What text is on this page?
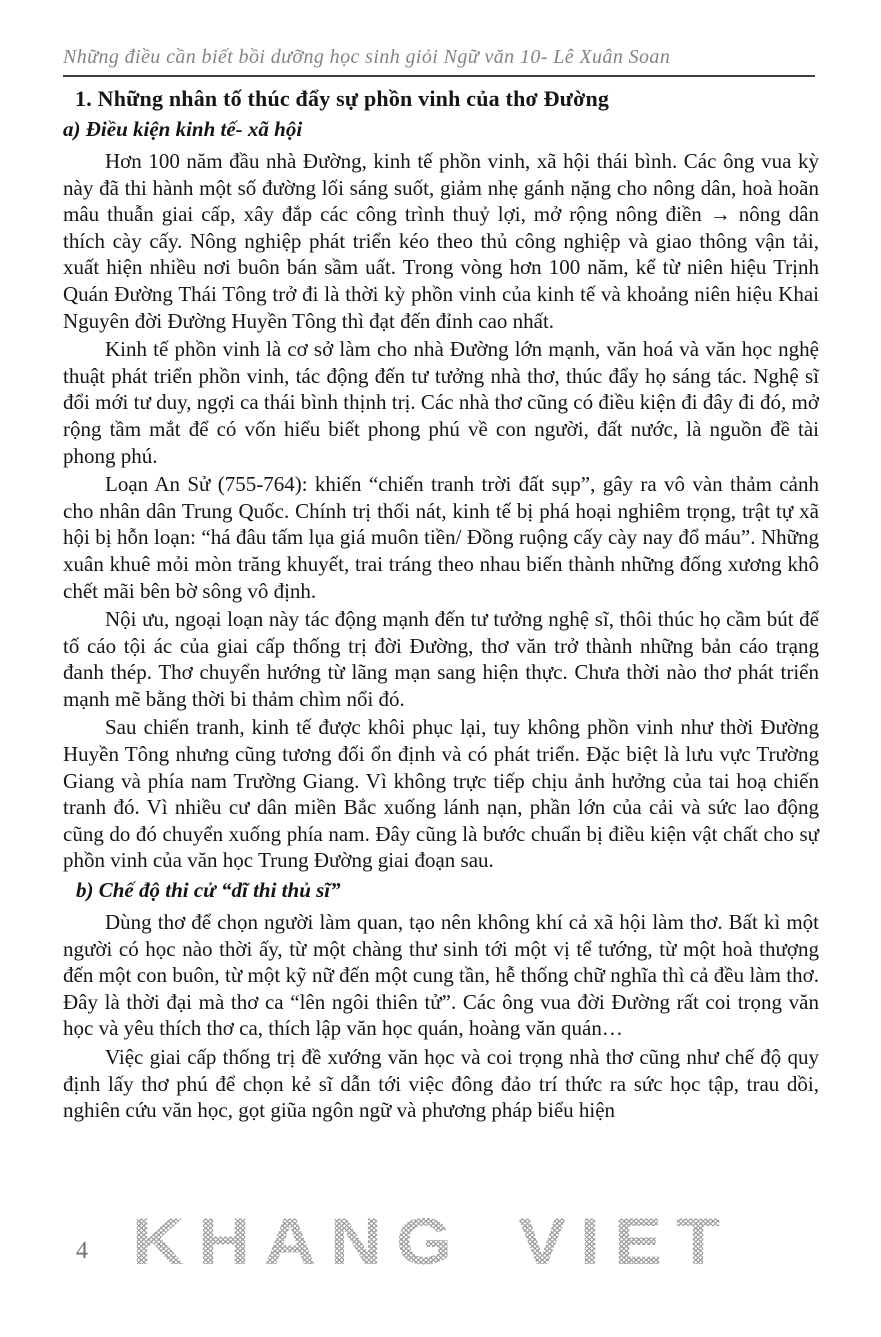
Những điều cần biết bồi dưỡng học sinh giỏi Ngữ văn 10- Lê Xuân Soan
1. Những nhân tố thúc đẩy sự phồn vinh của thơ Đường
a) Điều kiện kinh tế- xã hội

Hơn 100 năm đầu nhà Đường, kinh tế phồn vinh, xã hội thái bình. Các ông vua kỳ này đã thi hành một số đường lối sáng suốt, giảm nhẹ gánh nặng cho nông dân, hoà hoãn mâu thuẫn giai cấp, xây đắp các công trình thuỷ lợi, mở rộng nông điền → nông dân thích cày cấy. Nông nghiệp phát triển kéo theo thủ công nghiệp và giao thông vận tải, xuất hiện nhiều nơi buôn bán sầm uất. Trong vòng hơn 100 năm, kể từ niên hiệu Trịnh Quán Đường Thái Tông trở đi là thời kỳ phồn vinh của kinh tế và khoảng niên hiệu Khai Nguyên đời Đường Huyền Tông thì đạt đến đỉnh cao nhất.

Kinh tế phồn vinh là cơ sở làm cho nhà Đường lớn mạnh, văn hoá và văn học nghệ thuật phát triển phồn vinh, tác động đến tư tưởng nhà thơ, thúc đẩy họ sáng tác. Nghệ sĩ đổi mới tư duy, ngợi ca thái bình thịnh trị. Các nhà thơ cũng có điều kiện đi đây đi đó, mở rộng tầm mắt để có vốn hiểu biết phong phú về con người, đất nước, là nguồn đề tài phong phú.

Loạn An Sử (755-764): khiến “chiến tranh trời đất sụp”, gây ra vô vàn thảm cảnh cho nhân dân Trung Quốc. Chính trị thối nát, kinh tế bị phá hoại nghiêm trọng, trật tự xã hội bị hỗn loạn: “há đâu tấm lụa giá muôn tiền/ Đồng ruộng cấy cày nay đổ máu”. Những xuân khuê mỏi mòn trăng khuyết, trai tráng theo nhau biến thành những đống xương khô chết mãi bên bờ sông vô định.

Nội ưu, ngoại loạn này tác động mạnh đến tư tưởng nghệ sĩ, thôi thúc họ cầm bút để tố cáo tội ác của giai cấp thống trị đời Đường, thơ văn trở thành những bản cáo trạng đanh thép. Thơ chuyển hướng từ lãng mạn sang hiện thực. Chưa thời nào thơ phát triển mạnh mẽ bằng thời bi thảm chìm nổi đó.

Sau chiến tranh, kinh tế được khôi phục lại, tuy không phồn vinh như thời Đường Huyền Tông nhưng cũng tương đối ổn định và có phát triển. Đặc biệt là lưu vực Trường Giang và phía nam Trường Giang. Vì không trực tiếp chịu ảnh hưởng của tai hoạ chiến tranh đó. Vì nhiều cư dân miền Bắc xuống lánh nạn, phần lớn của cải và sức lao động cũng do đó chuyển xuống phía nam. Đây cũng là bước chuẩn bị điều kiện vật chất cho sự phồn vinh của văn học Trung Đường giai đoạn sau.

b) Chế độ thi cử “dĩ thi thủ sĩ”

Dùng thơ để chọn người làm quan, tạo nên không khí cả xã hội làm thơ. Bất kì một người có học nào thời ấy, từ một chàng thư sinh tới một vị tể tướng, từ một hoà thượng đến một con buôn, từ một kỹ nữ đến một cung tần, hễ thống chữ nghĩa thì cả đều làm thơ. Đây là thời đại mà thơ ca “lên ngôi thiên tử”. Các ông vua đời Đường rất coi trọng văn học và yêu thích thơ ca, thích lập văn học quán, hoàng văn quán…

Việc giai cấp thống trị đề xướng văn học và coi trọng nhà thơ cũng như chế độ quy định lấy thơ phú để chọn kẻ sĩ dẫn tới việc đông đảo trí thức ra sức học tập, trau dồi, nghiên cứu văn học, gọt giũa ngôn ngữ và phương pháp biểu hiện

KHANG VIET
4
